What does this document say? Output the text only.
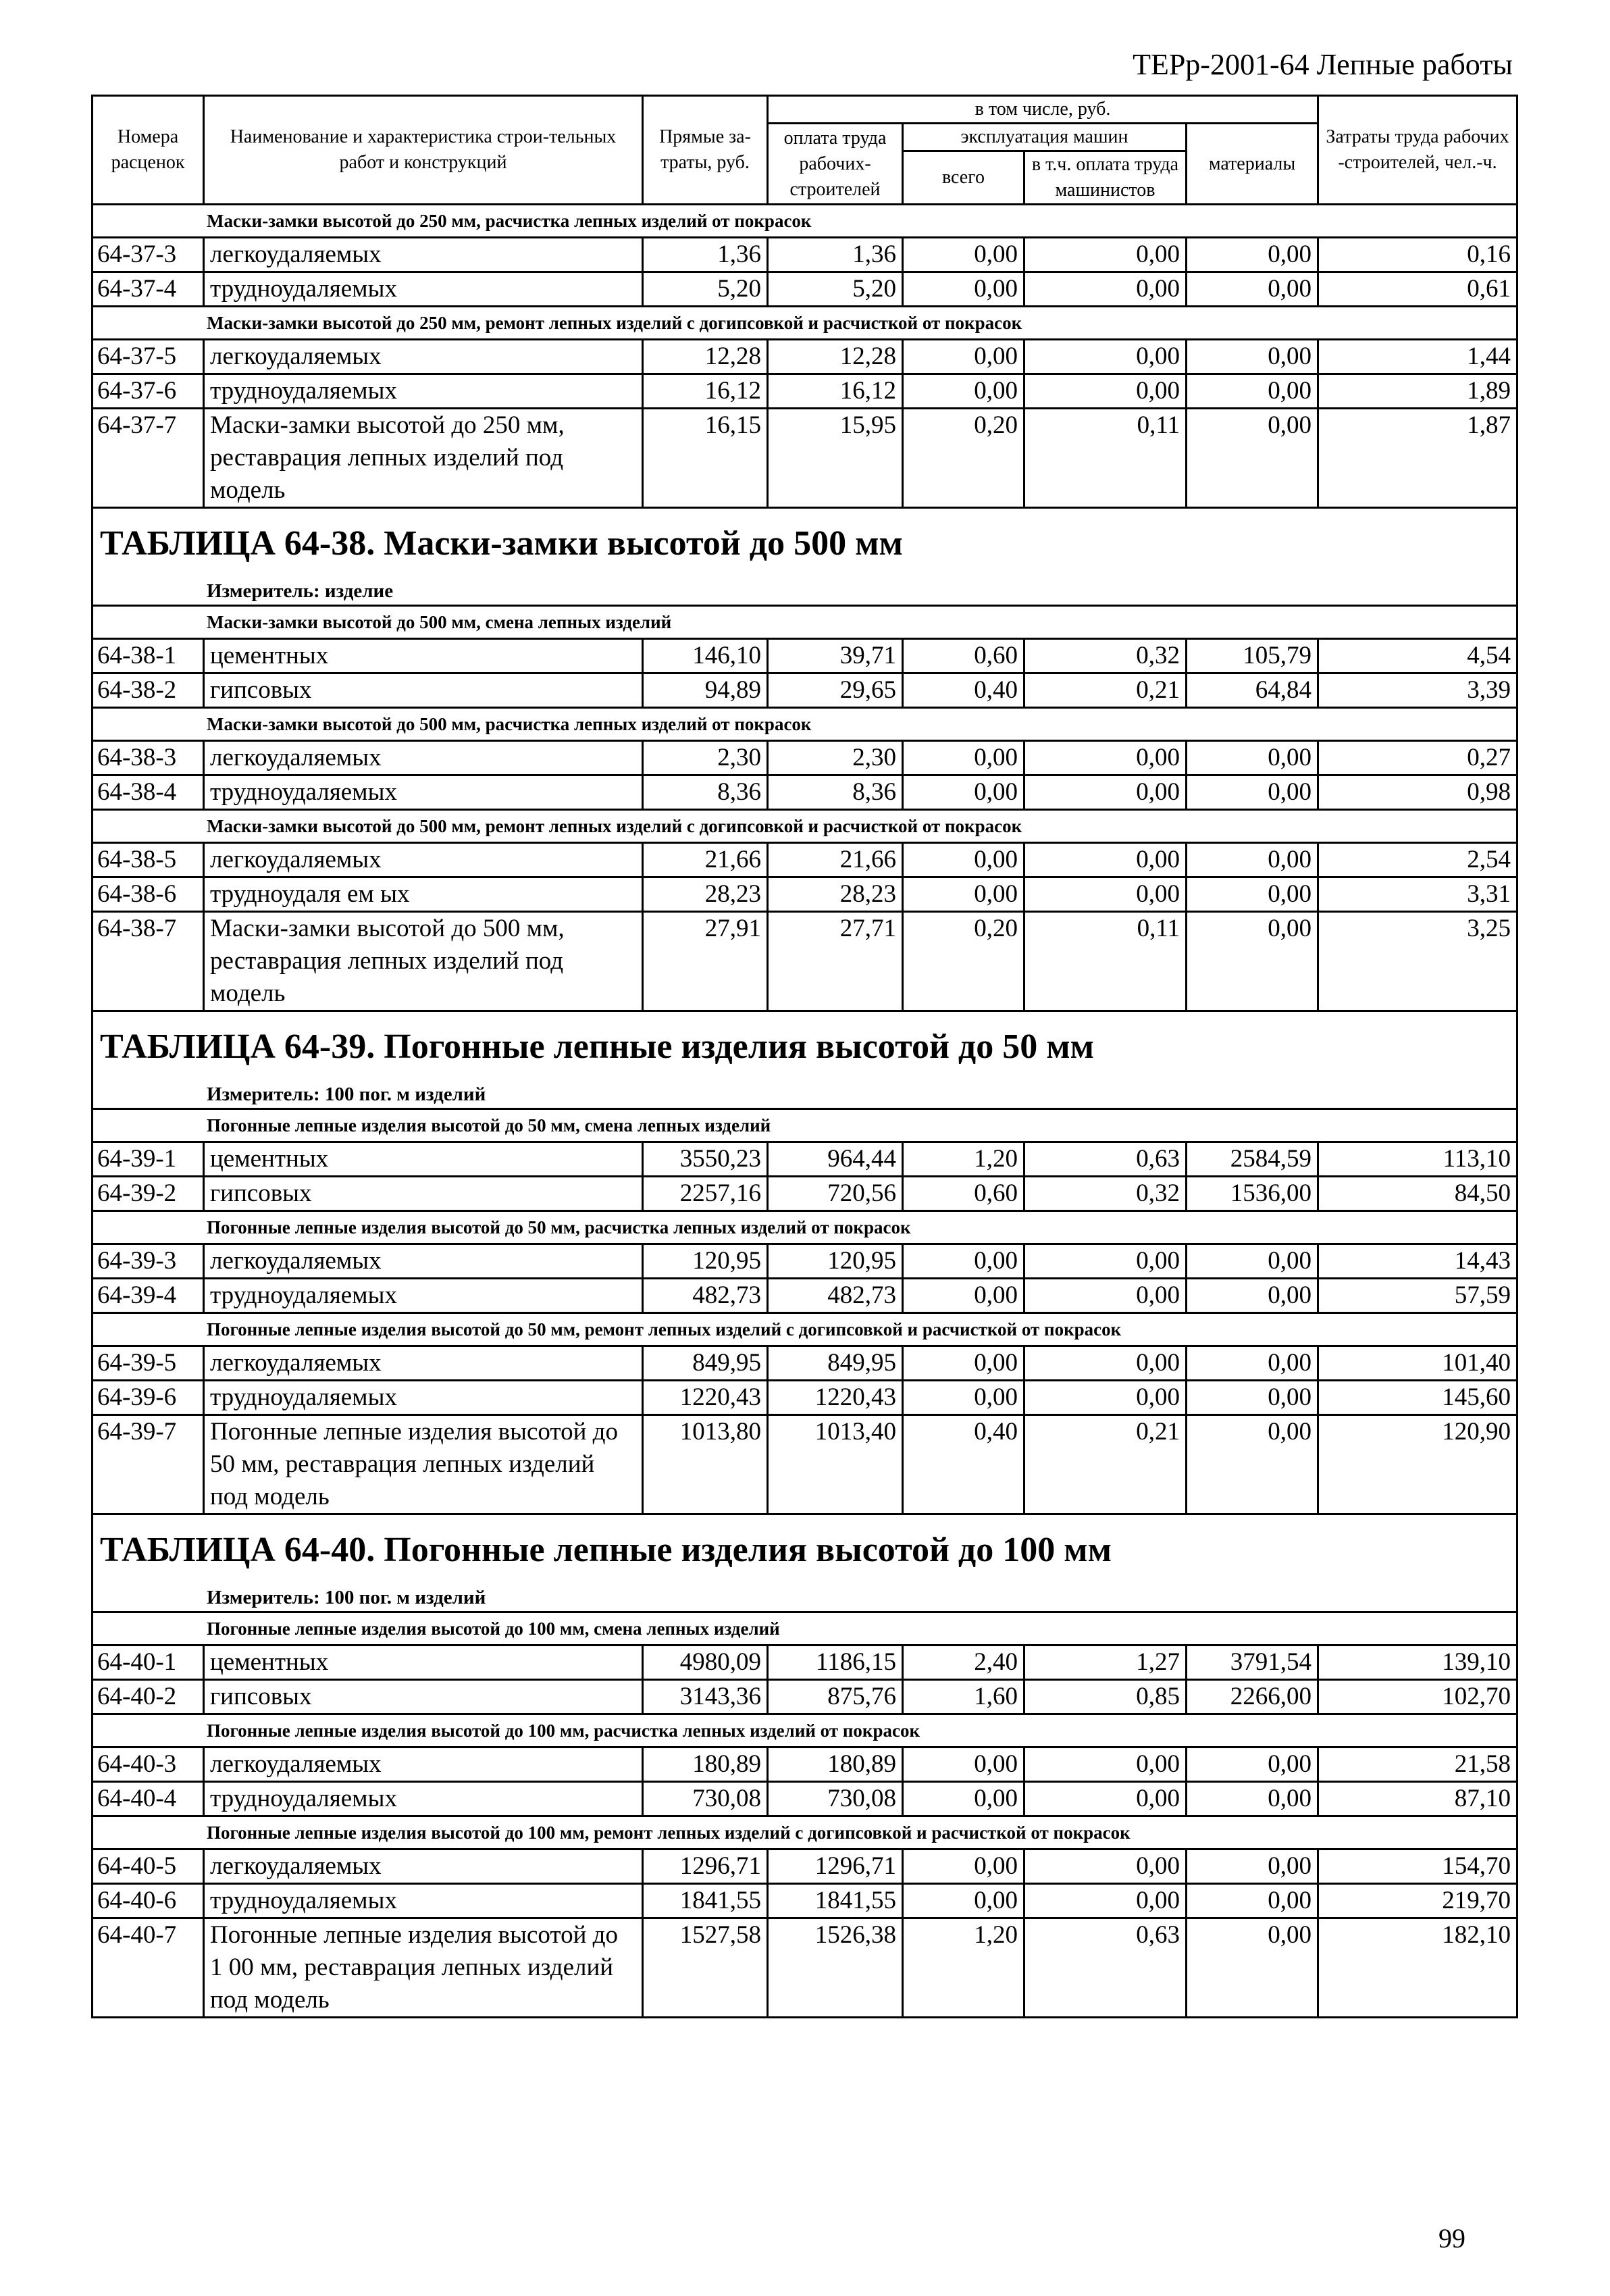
ТЕРр-2001-64 Лепные работы
Номера расценок	Наименование и характеристика строи-тельных работ и конструкций	Прямые за-траты, руб.	в том числе, руб.				Затраты труда рабочих -строителей, чел.-ч.
			оплата труда рабочих-строителей	эксплуатация машин		материалы	
				всего	в т.ч. оплата труда машинистов		
Маски-замки высотой до 250 мм, расчистка лепных изделий от покрасок							
64-37-3	легкоудаляемых	1,36	1,36	0,00	0,00	0,00	0,16
64-37-4	трудноудаляемых	5,20	5,20	0,00	0,00	0,00	0,61
Маски-замки высотой до 250 мм, ремонт лепных изделий с догипсовкой и расчисткой от покрасок							
64-37-5	легкоудаляемых	12,28	12,28	0,00	0,00	0,00	1,44
64-37-6	трудноудаляемых	16,12	16,12	0,00	0,00	0,00	1,89
64-37-7	Маски-замки высотой до 250 мм, реставрация лепных изделий под модель	16,15	15,95	0,20	0,11	0,00	1,87

ТАБЛИЦА 64-38. Маски-замки высотой до 500 мм
Измеритель: изделие							

Маски-замки высотой до 500 мм, смена лепных изделий							
64-38-1	цементных	146,10	39,71	0,60	0,32	105,79	4,54
64-38-2	гипсовых	94,89	29,65	0,40	0,21	64,84	3,39
Маски-замки высотой до 500 мм, расчистка лепных изделий от покрасок							
64-38-3	легкоудаляемых	2,30	2,30	0,00	0,00	0,00	0,27
64-38-4	трудноудаляемых	8,36	8,36	0,00	0,00	0,00	0,98
Маски-замки высотой до 500 мм, ремонт лепных изделий с догипсовкой и расчисткой от покрасок							
64-38-5	легкоудаляемых	21,66	21,66	0,00	0,00	0,00	2,54
64-38-6	трудноудаля ем ых	28,23	28,23	0,00	0,00	0,00	3,31
64-38-7	Маски-замки высотой до 500 мм, реставрация лепных изделий под модель	27,91	27,71	0,20	0,11	0,00	3,25

ТАБЛИЦА 64-39. Погонные лепные изделия высотой до 50 мм
Измеритель: 100 пог. м изделий							

Погонные лепные изделия высотой до 50 мм, смена лепных изделий							
64-39-1	цементных	3550,23	964,44	1,20	0,63	2584,59	113,10
64-39-2	гипсовых	2257,16	720,56	0,60	0,32	1536,00	84,50
Погонные лепные изделия высотой до 50 мм, расчистка лепных изделий от покрасок							
64-39-3	легкоудаляемых	120,95	120,95	0,00	0,00	0,00	14,43
64-39-4	трудноудаляемых	482,73	482,73	0,00	0,00	0,00	57,59
Погонные лепные изделия высотой до 50 мм, ремонт лепных изделий с догипсовкой и расчисткой от покрасок							
64-39-5	легкоудаляемых	849,95	849,95	0,00	0,00	0,00	101,40
64-39-6	трудноудаляемых	1220,43	1220,43	0,00	0,00	0,00	145,60
64-39-7	Погонные лепные изделия высотой до 50 мм, реставрация лепных изделий под модель	1013,80	1013,40	0,40	0,21	0,00	120,90

ТАБЛИЦА 64-40. Погонные лепные изделия высотой до 100 мм
Измеритель: 100 пог. м изделий							

Погонные лепные изделия высотой до 100 мм, смена лепных изделий							
64-40-1	цементных	4980,09	1186,15	2,40	1,27	3791,54	139,10
64-40-2	гипсовых	3143,36	875,76	1,60	0,85	2266,00	102,70
Погонные лепные изделия высотой до 100 мм, расчистка лепных изделий от покрасок							
64-40-3	легкоудаляемых	180,89	180,89	0,00	0,00	0,00	21,58
64-40-4	трудноудаляемых	730,08	730,08	0,00	0,00	0,00	87,10
Погонные лепные изделия высотой до 100 мм, ремонт лепных изделий с догипсовкой и расчисткой от покрасок							
64-40-5	легкоудаляемых	1296,71	1296,71	0,00	0,00	0,00	154,70
64-40-6	трудноудаляемых	1841,55	1841,55	0,00	0,00	0,00	219,70
64-40-7	Погонные лепные изделия высотой до 1 00 мм, реставрация лепных изделий под модель	1527,58	1526,38	1,20	0,63	0,00	182,10
99
